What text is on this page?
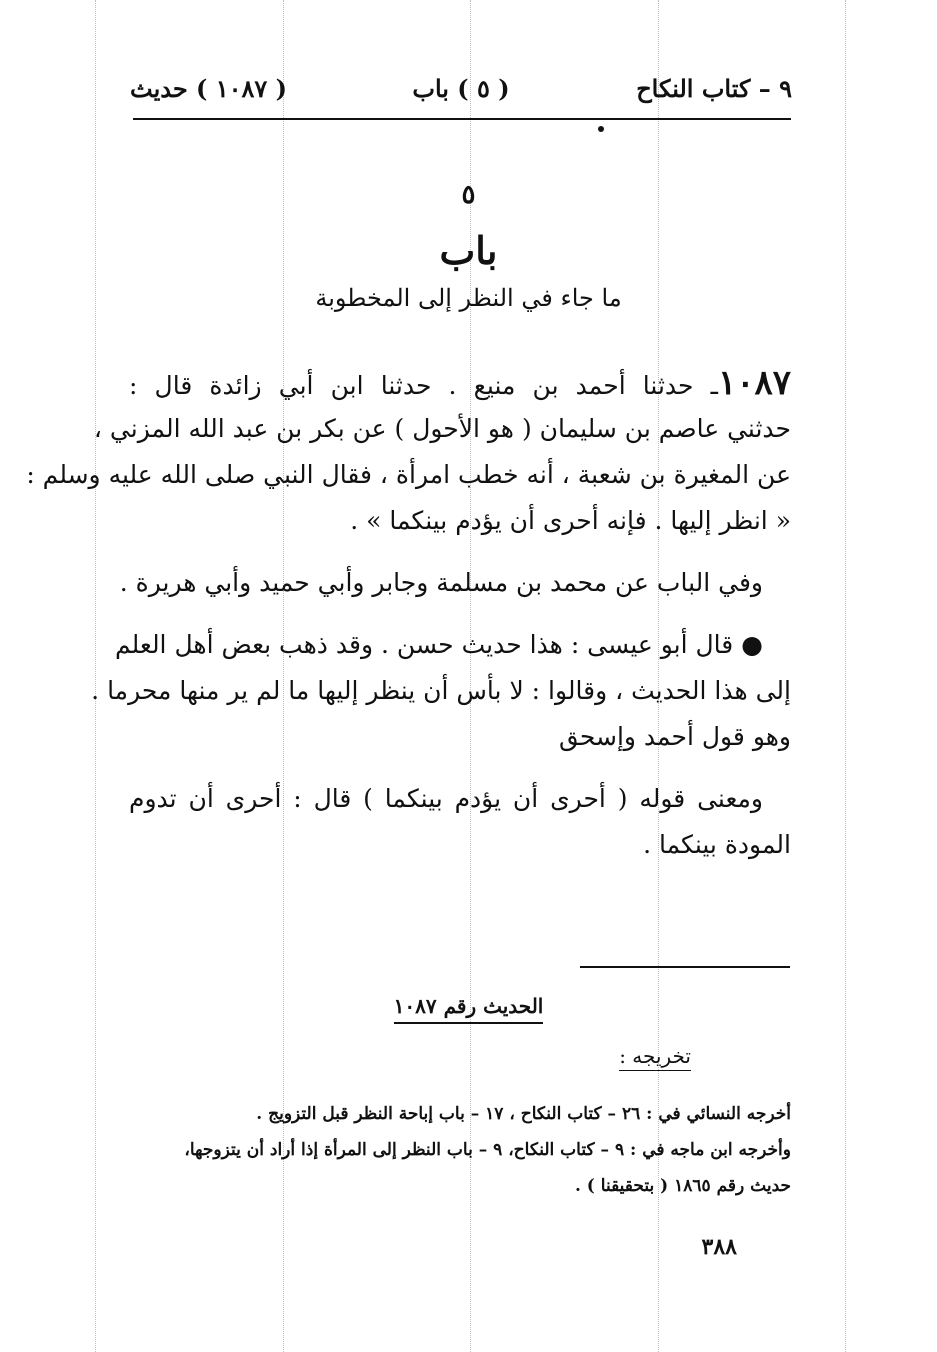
٩ – كتاب النكاح
( ٥ ) باب
( ١٠٨٧ ) حديث
٥
باب
ما جاء في النظر إلى المخطوبة
١٠٨٧ـ حدثنا أحمد بن منيع . حدثنا ابن أبي زائدة قال :
حدثني عاصم بن سليمان ( هو الأحول ) عن بكر بن عبد الله المزني ،
عن المغيرة بن شعبة ، أنه خطب امرأة ، فقال النبي صلى الله عليه وسلم :
« انظر إليها . فإنه أحرى أن يؤدم بينكما » .
وفي الباب عن محمد بن مسلمة وجابر وأبي حميد وأبي هريرة .
● قال أبو عيسى : هذا حديث حسن . وقد ذهب بعض أهل العلم
إلى هذا الحديث ، وقالوا : لا بأس أن ينظر إليها ما لم ير منها محرما .
وهو قول أحمد وإسحق
ومعنى قوله ( أحرى أن يؤدم بينكما ) قال : أحرى أن تدوم
المودة بينكما .
الحديث رقم ١٠٨٧
تخريجه :
أخرجه النسائي في : ٢٦ – كتاب النكاح ، ١٧ – باب إباحة النظر قبل التزويج .
وأخرجه ابن ماجه في : ٩ – كتاب النكاح، ٩ – باب النظر إلى المرأة إذا أراد أن يتزوجها،
حديث رقم ١٨٦٥ ( بتحقيقنا ) .
٣٨٨
